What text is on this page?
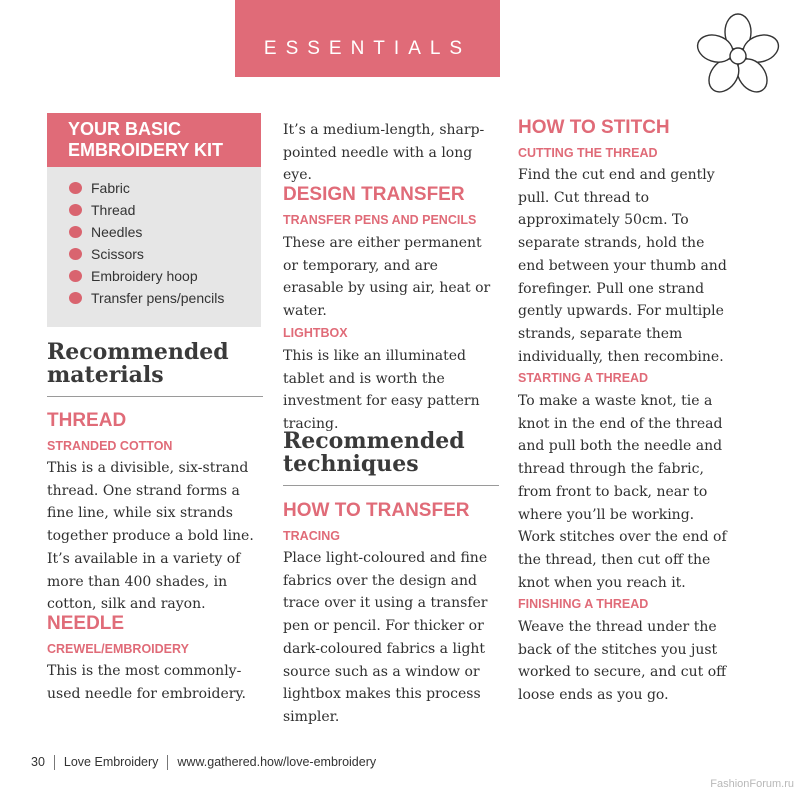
ESSENTIALS
YOUR BASIC EMBROIDERY KIT
Fabric
Thread
Needles
Scissors
Embroidery hoop
Transfer pens/pencils
Recommended materials
THREAD
STRANDED COTTON
This is a divisible, six-strand thread. One strand forms a fine line, while six strands together produce a bold line. It’s available in a variety of more than 400 shades, in cotton, silk and rayon.
NEEDLE
CREWEL/EMBROIDERY
This is the most commonly-used needle for embroidery.
It’s a medium-length, sharp-pointed needle with a long eye.
DESIGN TRANSFER
TRANSFER PENS AND PENCILS
These are either permanent or temporary, and are erasable by using air, heat or water.
LIGHTBOX
This is like an illuminated tablet and is worth the investment for easy pattern tracing.
Recommended techniques
HOW TO TRANSFER
TRACING
Place light-coloured and fine fabrics over the design and trace over it using a transfer pen or pencil. For thicker or dark-coloured fabrics a light source such as a window or lightbox makes this process simpler.
HOW TO STITCH
CUTTING THE THREAD
Find the cut end and gently pull. Cut thread to approximately 50cm. To separate strands, hold the end between your thumb and forefinger. Pull one strand gently upwards. For multiple strands, separate them individually, then recombine.
STARTING A THREAD
To make a waste knot, tie a knot in the end of the thread and pull both the needle and thread through the fabric, from front to back, near to where you’ll be working. Work stitches over the end of the thread, then cut off the knot when you reach it.
FINISHING A THREAD
Weave the thread under the back of the stitches you just worked to secure, and cut off loose ends as you go.
30 Love Embroidery www.gathered.how/love-embroidery
FashionForum.ru
